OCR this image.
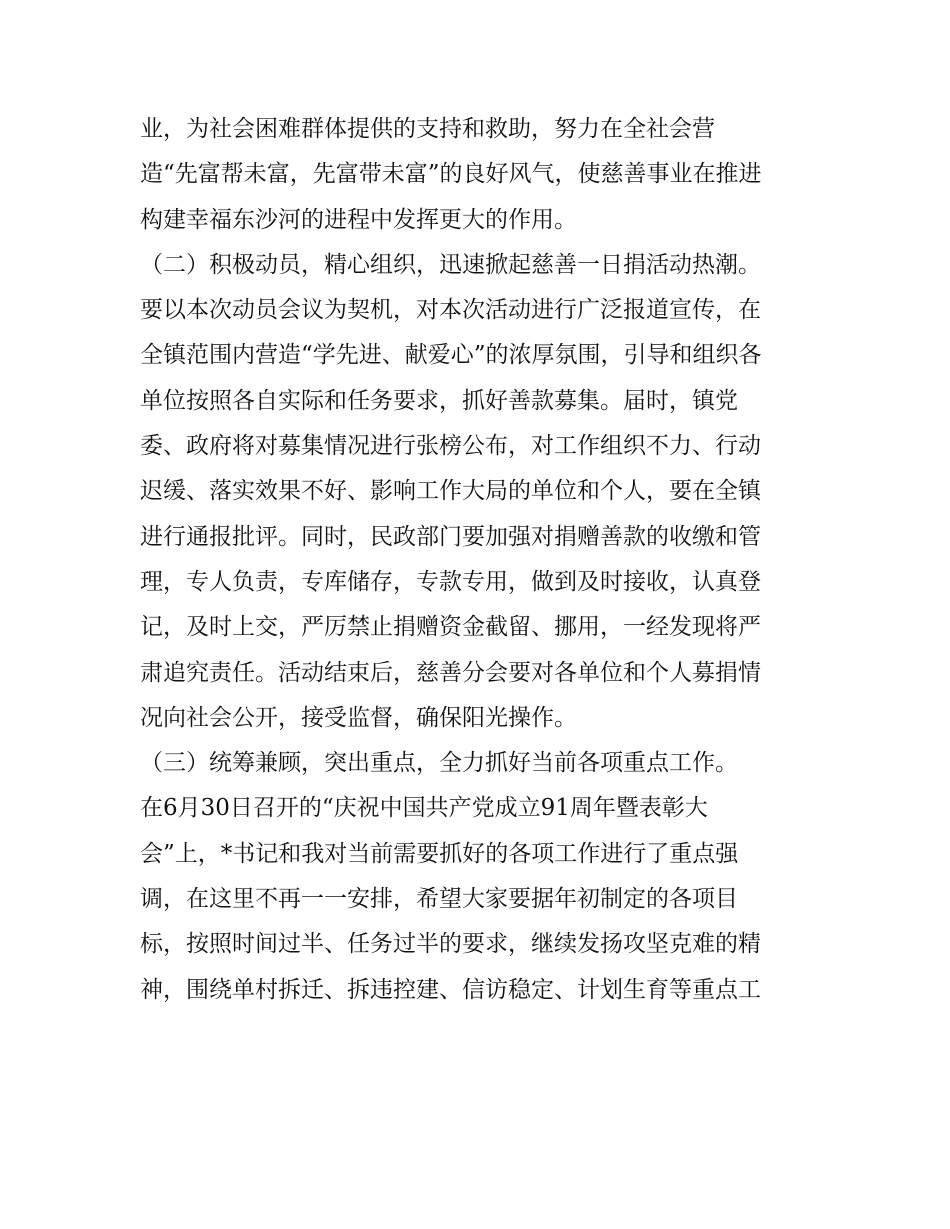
业，为社会困难群体提供的支持和救助，努力在全社会营
造“先富帮未富，先富带未富”的良好风气，使慈善事业在推进
构建幸福东沙河的进程中发挥更大的作用。
（二）积极动员，精心组织，迅速掀起慈善一日捐活动热潮。
要以本次动员会议为契机，对本次活动进行广泛报道宣传，在
全镇范围内营造“学先进、献爱心”的浓厚氛围，引导和组织各
单位按照各自实际和任务要求，抓好善款募集。届时，镇党
委、政府将对募集情况进行张榜公布，对工作组织不力、行动
迟缓、落实效果不好、影响工作大局的单位和个人，要在全镇
进行通报批评。同时，民政部门要加强对捐赠善款的收缴和管
理，专人负责，专库储存，专款专用，做到及时接收，认真登
记，及时上交，严厉禁止捐赠资金截留、挪用，一经发现将严
肃追究责任。活动结束后，慈善分会要对各单位和个人募捐情
况向社会公开，接受监督，确保阳光操作。
（三）统筹兼顾，突出重点，全力抓好当前各项重点工作。
在6月30日召开的“庆祝中国共产党成立91周年暨表彰大
会”上，*书记和我对当前需要抓好的各项工作进行了重点强
调，在这里不再一一安排，希望大家要据年初制定的各项目
标，按照时间过半、任务过半的要求，继续发扬攻坚克难的精
神，围绕单村拆迁、拆违控建、信访稳定、计划生育等重点工
